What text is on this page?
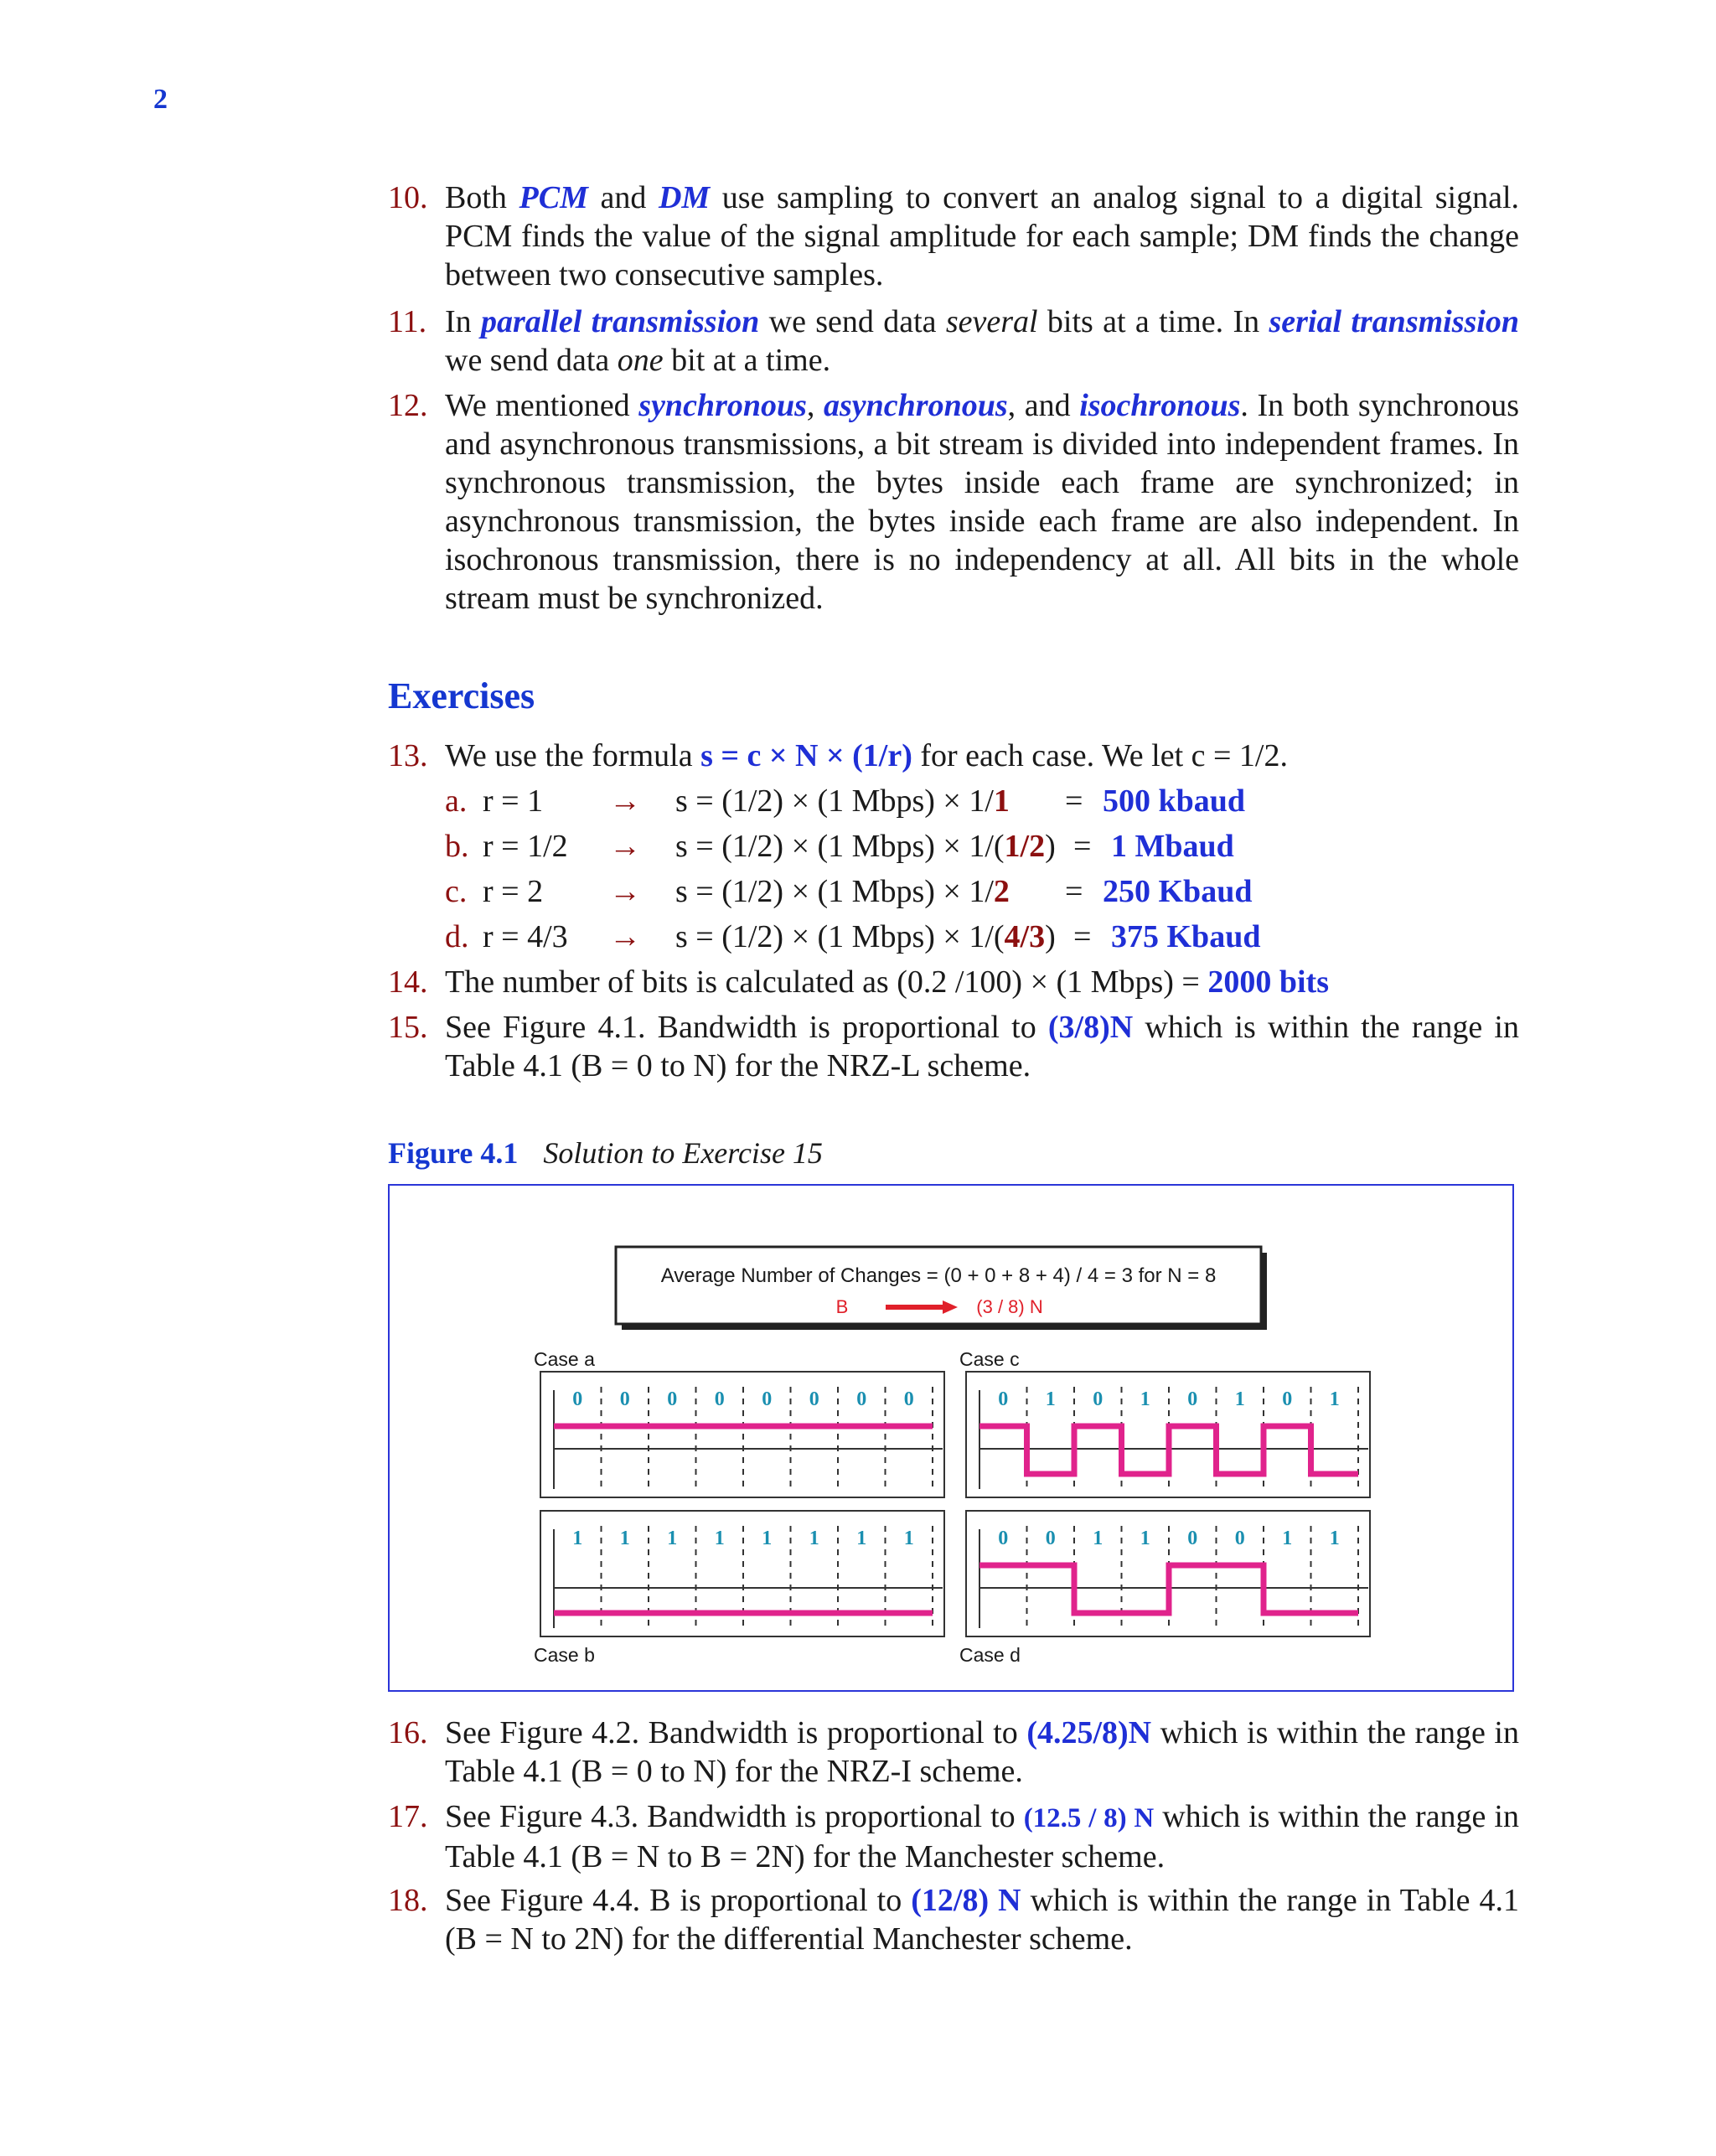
2
10. Both PCM and DM use sampling to convert an analog signal to a digital signal. PCM finds the value of the signal amplitude for each sample; DM finds the change between two consecutive samples.
11. In parallel transmission we send data several bits at a time. In serial transmission we send data one bit at a time.
12. We mentioned synchronous, asynchronous, and isochronous. In both synchronous and asynchronous transmissions, a bit stream is divided into independent frames. In synchronous transmission, the bytes inside each frame are synchronized; in asynchronous transmission, the bytes inside each frame are also independent. In isochronous transmission, there is no independency at all. All bits in the whole stream must be synchronized.
Exercises
13. We use the formula s = c × N × (1/r) for each case. We let c = 1/2.
a. r = 1 → s = (1/2) × (1 Mbps) × 1/1 = 500 kbaud
b. r = 1/2 → s = (1/2) × (1 Mbps) × 1/(1/2) = 1 Mbaud
c. r = 2 → s = (1/2) × (1 Mbps) × 1/2 = 250 Kbaud
d. r = 4/3 → s = (1/2) × (1 Mbps) × 1/(4/3) = 375 Kbaud
14. The number of bits is calculated as (0.2 /100) × (1 Mbps) = 2000 bits
15. See Figure 4.1. Bandwidth is proportional to (3/8)N which is within the range in Table 4.1 (B = 0 to N) for the NRZ-L scheme.
Figure 4.1 Solution to Exercise 15
Average Number of Changes = (0 + 0 + 8 + 4) / 4 = 3 for N = 8
B	(3 / 8) N
Case a	Case c
Case b	Case d
0 0 0 0 0 0 0 0
1 1 1 1 1 1 1 1
0 1 0 1 0 1 0 1
0 0 1 1 0 0 1 1
16. See Figure 4.2. Bandwidth is proportional to (4.25/8)N which is within the range in Table 4.1 (B = 0 to N) for the NRZ-I scheme.
17. See Figure 4.3. Bandwidth is proportional to (12.5 / 8) N which is within the range in Table 4.1 (B = N to B = 2N) for the Manchester scheme.
18. See Figure 4.4. B is proportional to (12/8) N which is within the range in Table 4.1 (B = N to 2N) for the differential Manchester scheme.
